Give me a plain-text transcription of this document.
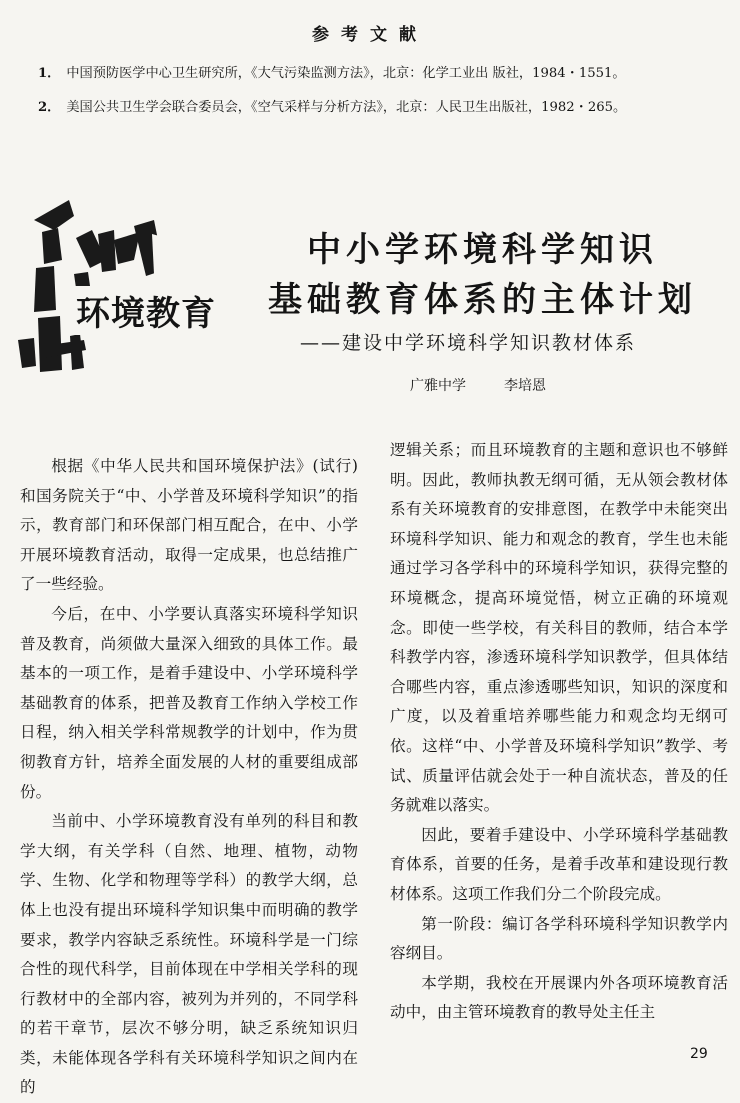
参考文献
1． 中国预防医学中心卫生研究所，《大气污染监测方法》，北京：化学工业出 版社，1984・1551。
2． 美国公共卫生学会联合委员会，《空气采样与分析方法》，北京：人民卫生出版社，1982・265。
环境教育
中小学环境科学知识
基础教育体系的主体计划
——建设中学环境科学知识教材体系
广雅中学	李培恩

根据《中华人民共和国环境保护法》(试行)和国务院关于“中、小学普及环境科学知识”的指示，教育部门和环保部门相互配合，在中、小学开展环境教育活动，取得一定成果，也总结推广了一些经验。

今后，在中、小学要认真落实环境科学知识普及教育，尚须做大量深入细致的具体工作。最基本的一项工作，是着手建设中、小学环境科学基础教育的体系，把普及教育工作纳入学校工作日程，纳入相关学科常规教学的计划中，作为贯彻教育方针，培养全面发展的人材的重要组成部份。

当前中、小学环境教育没有单列的科目和教学大纲，有关学科（自然、地理、植物，动物学、生物、化学和物理等学科）的教学大纲，总体上也没有提出环境科学知识集中而明确的教学要求，教学内容缺乏系统性。环境科学是一门综合性的现代科学，目前体现在中学相关学科的现行教材中的全部内容，被列为并列的，不同学科的若干章节，层次不够分明，缺乏系统知识归类，未能体现各学科有关环境科学知识之间内在的

逻辑关系；而且环境教育的主题和意识也不够鲜明。因此，教师执教无纲可循，无从领会教材体系有关环境教育的安排意图，在教学中未能突出环境科学知识、能力和观念的教育，学生也未能通过学习各学科中的环境科学知识，获得完整的环境概念，提高环境觉悟，树立正确的环境观念。即使一些学校，有关科目的教师，结合本学科教学内容，渗透环境科学知识教学，但具体结合哪些内容，重点渗透哪些知识，知识的深度和广度，以及着重培养哪些能力和观念均无纲可依。这样“中、小学普及环境科学知识”教学、考试、质量评估就会处于一种自流状态，普及的任务就难以落实。

因此，要着手建设中、小学环境科学基础教育体系，首要的任务，是着手改革和建设现行教材体系。这项工作我们分二个阶段完成。

第一阶段：编订各学科环境科学知识教学内容纲目。

本学期，我校在开展课内外各项环境教育活动中，由主管环境教育的教导处主任主

29
